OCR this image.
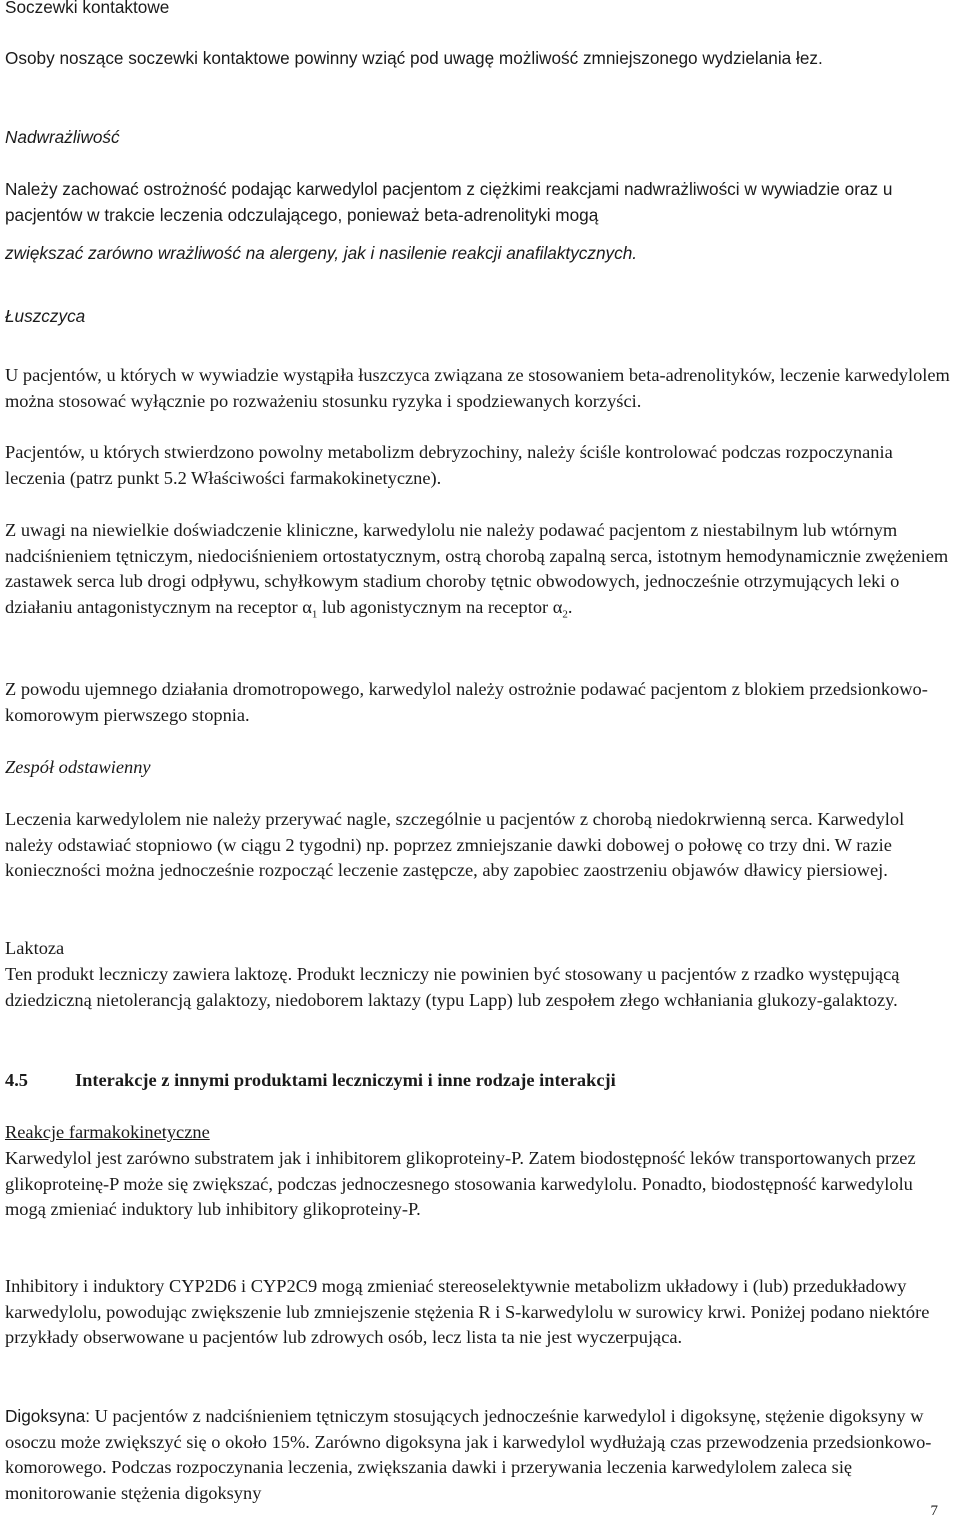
Soczewki kontaktowe

Osoby noszące soczewki kontaktowe powinny wziąć pod uwagę możliwość zmniejszonego wydzielania łez.

Nadwrażliwość

Należy zachować ostrożność podając karwedylol pacjentom z ciężkimi reakcjami nadwrażliwości w wywiadzie oraz u pacjentów w trakcie leczenia odczulającego, ponieważ beta-adrenolityki mogą

zwiększać zarówno wrażliwość na alergeny, jak i nasilenie reakcji anafilaktycznych.

Łuszczyca

U pacjentów, u których w wywiadzie wystąpiła łuszczyca związana ze stosowaniem beta-adrenolityków, leczenie karwedylolem można stosować wyłącznie po rozważeniu stosunku ryzyka i spodziewanych korzyści.

Pacjentów, u których stwierdzono powolny metabolizm debryzochiny, należy ściśle kontrolować podczas rozpoczynania leczenia (patrz punkt 5.2 Właściwości farmakokinetyczne).

Z uwagi na niewielkie doświadczenie kliniczne, karwedylolu nie należy podawać pacjentom z niestabilnym lub wtórnym nadciśnieniem tętniczym, niedociśnieniem ortostatycznym, ostrą chorobą zapalną serca, istotnym hemodynamicznie zwężeniem zastawek serca lub drogi odpływu, schyłkowym stadium choroby tętnic obwodowych, jednocześnie otrzymujących leki o działaniu antagonistycznym na receptor $\alpha_1$ lub agonistycznym na receptor $\alpha_2$.

Z powodu ujemnego działania dromotropowego, karwedylol należy ostrożnie podawać pacjentom z blokiem przedsionkowo-komorowym pierwszego stopnia.

Zespół odstawienny

Leczenia karwedylolem nie należy przerywać nagle, szczególnie u pacjentów z chorobą niedokrwienną serca. Karwedylol należy odstawiać stopniowo (w ciągu 2 tygodni) np. poprzez zmniejszanie dawki dobowej o połowę co trzy dni. W razie konieczności można jednocześnie rozpocząć leczenie zastępcze, aby zapobiec zaostrzeniu objawów dławicy piersiowej.

Laktoza

Ten produkt leczniczy zawiera laktozę. Produkt leczniczy nie powinien być stosowany u pacjentów z rzadko występującą dziedziczną nietolerancją galaktozy, niedoborem laktazy (typu Lapp) lub zespołem złego wchłaniania glukozy-galaktozy.

4.5	Interakcje z innymi produktami leczniczymi i inne rodzaje interakcji

Reakcje farmakokinetyczne

Karwedylol jest zarówno substratem jak i inhibitorem glikoproteiny-P. Zatem biodostępność leków transportowanych przez glikoproteinę-P może się zwiększać, podczas jednoczesnego stosowania karwedylolu. Ponadto, biodostępność karwedylolu mogą zmieniać induktory lub inhibitory glikoproteiny-P.

Inhibitory i induktory CYP2D6 i CYP2C9 mogą zmieniać stereoselektywnie metabolizm układowy i (lub) przedukładowy karwedylolu, powodując zwiększenie lub zmniejszenie stężenia R i S-karwedylolu w surowicy krwi. Poniżej podano niektóre przykłady obserwowane u pacjentów lub zdrowych osób, lecz lista ta nie jest wyczerpująca.

Digoksyna: U pacjentów z nadciśnieniem tętniczym stosujących jednocześnie karwedylol i digoksynę, stężenie digoksyny w osoczu może zwiększyć się o około 15%. Zarówno digoksyna jak i karwedylol wydłużają czas przewodzenia przedsionkowo-komorowego. Podczas rozpoczynania leczenia, zwiększania dawki i przerywania leczenia karwedylolem zaleca się monitorowanie stężenia digoksyny

7
